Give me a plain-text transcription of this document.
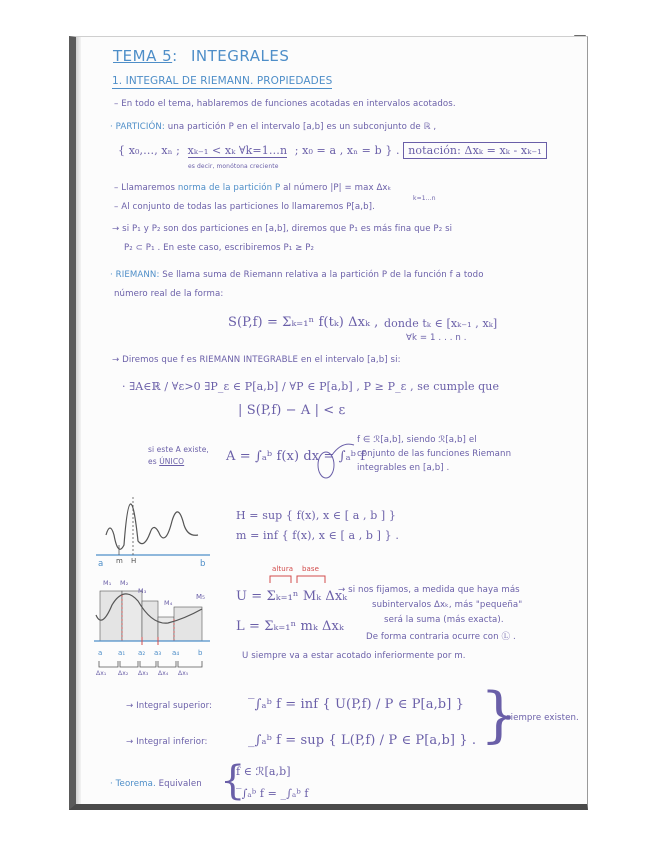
TEMA 5: INTEGRALES
1. INTEGRAL DE RIEMANN. PROPIEDADES
– En todo el tema, hablaremos de funciones acotadas en intervalos acotados.
· PARTICIÓN: una partición P en el intervalo [a,b] es un subconjunto de ℝ ,
{ x₀,…, xₙ ; xₖ₋₁ < xₖ ∀k=1…n ; x₀ = a , xₙ = b } . notación: Δxₖ = xₖ - xₖ₋₁
es decir, monótona creciente
– Llamaremos norma de la partición P al número |P| = max Δxₖ
k=1…n
– Al conjunto de todas las particiones lo llamaremos P[a,b].
→ si P₁ y P₂ son dos particiones en [a,b], diremos que P₁ es más fina que P₂ si
P₂ ⊂ P₁ . En este caso, escribiremos P₁ ≥ P₂
· RIEMANN: Se llama suma de Riemann relativa a la partición P de la función f a todo
número real de la forma:
S(P,f) = Σₖ₌₁ⁿ f(tₖ) Δxₖ , donde tₖ ∈ [xₖ₋₁ , xₖ]
∀k = 1 . . . n .
→ Diremos que f es RIEMANN INTEGRABLE en el intervalo [a,b] si:
· ∃A∈ℝ / ∀ε>0 ∃P_ε ∈ P[a,b] / ∀P ∈ P[a,b] , P ≥ P_ε , se cumple que
| S(P,f) − A | < ε
si este A existe,
es ÚNICO	A = ∫ₐᵇ f(x) dx = ∫ₐᵇ f
f ∈ ℛ[a,b], siendo ℛ[a,b] el
conjunto de las funciones Riemann
integrables en [a,b] .
a m H	b
H = sup { f(x), x ∈ [ a , b ] }
m = inf { f(x), x ∈ [ a , b ] } .
M₁ M₂
M₃
M₄
M₅
a a₁ a₂ a₃ a₄	b
Δx₁ Δx₂ Δx₃ Δx₄ Δx₅
altura base
U = Σₖ₌₁ⁿ Mₖ Δxₖ
L = Σₖ₌₁ⁿ mₖ Δxₖ
→ si nos fijamos, a medida que haya más
subintervalos Δxₖ, más "pequeña"
será la suma (más exacta).
De forma contraria ocurre con Ⓛ .
U siempre va a estar acotado inferiormente por m.
→ Integral superior:	‾∫ₐᵇ f = inf { U(P,f) / P ∈ P[a,b] }
→ Integral inferior:	_∫ₐᵇ f = sup { L(P,f) / P ∈ P[a,b] } . }
siempre existen.
· Teorema. Equivalen {
f ∈ ℛ[a,b]
‾∫ₐᵇ f = _∫ₐᵇ f
